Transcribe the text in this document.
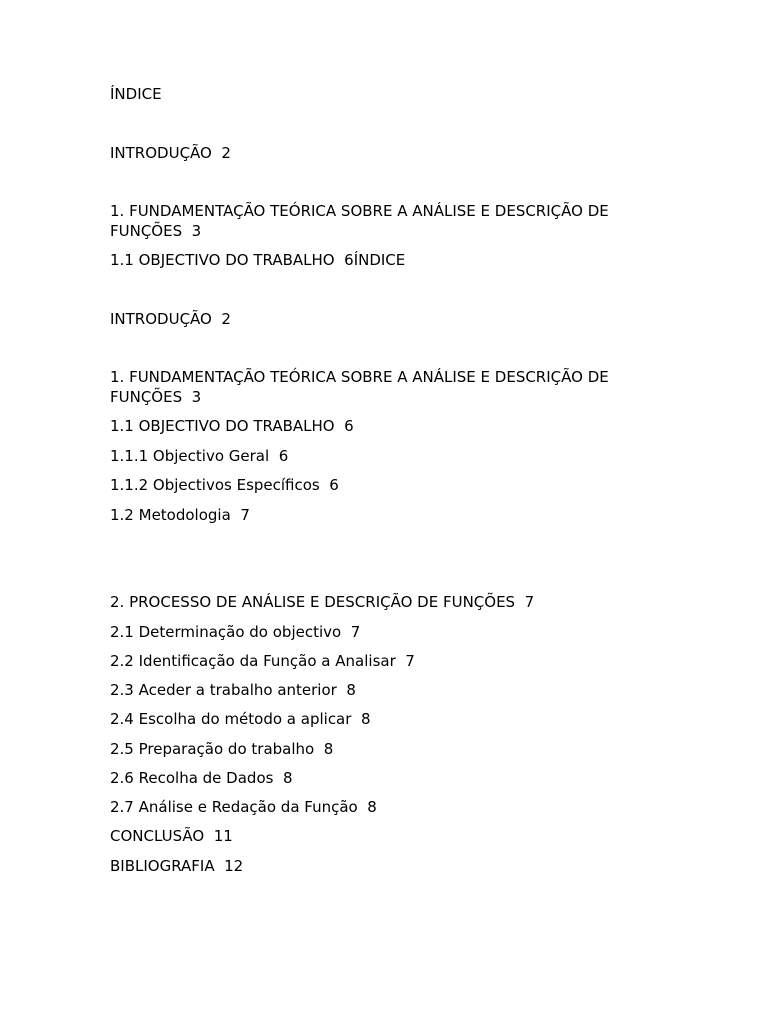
ÍNDICE
INTRODUÇÃO  2
1. FUNDAMENTAÇÃO TEÓRICA SOBRE A ANÁLISE E DESCRIÇÃO DE FUNÇÕES  3
1.1 OBJECTIVO DO TRABALHO  6ÍNDICE
INTRODUÇÃO  2
1. FUNDAMENTAÇÃO TEÓRICA SOBRE A ANÁLISE E DESCRIÇÃO DE FUNÇÕES  3
1.1 OBJECTIVO DO TRABALHO  6
1.1.1 Objectivo Geral  6
1.1.2 Objectivos Específicos  6
1.2 Metodologia  7
2. PROCESSO DE ANÁLISE E DESCRIÇÃO DE FUNÇÕES  7
2.1 Determinação do objectivo  7
2.2 Identificação da Função a Analisar  7
2.3 Aceder a trabalho anterior  8
2.4 Escolha do método a aplicar  8
2.5 Preparação do trabalho  8
2.6 Recolha de Dados  8
2.7 Análise e Redação da Função  8
CONCLUSÃO  11
BIBLIOGRAFIA  12
